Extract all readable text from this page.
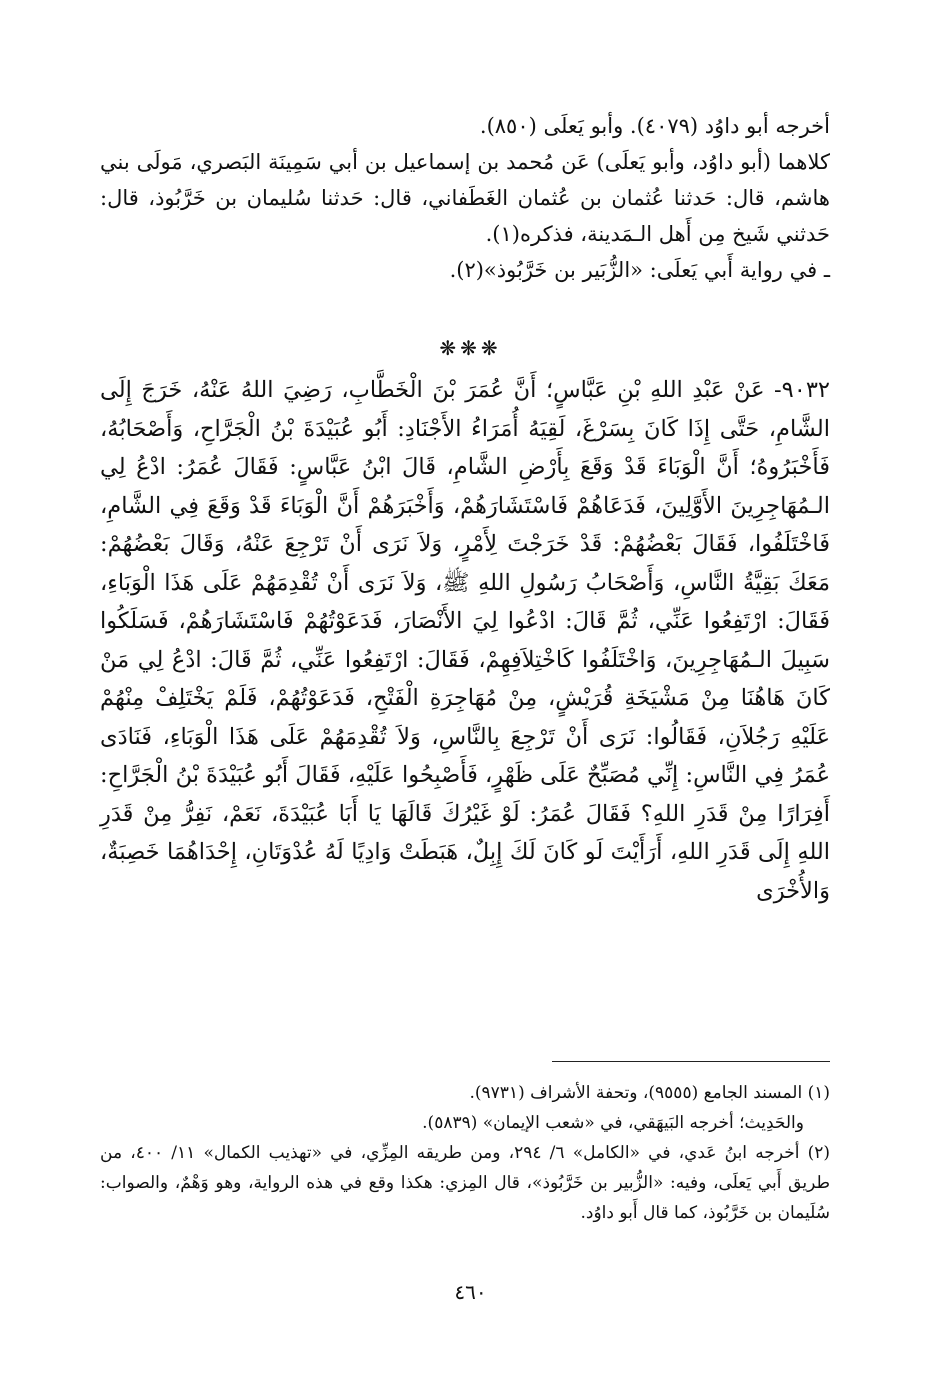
أخرجه أبو داوُد (٤٠٧٩). وأبو يَعلَى (٨٥٠).

كلاهما (أبو داوُد، وأبو يَعلَى) عَن مُحمد بن إسماعيل بن أبي سَمِينَة البَصري، مَولَى بني هاشم، قال: حَدثنا عُثمان بن عُثمان الغَطَفاني، قال: حَدثنا سُليمان بن خَرَّبُوذ، قال: حَدثني شَيخ مِن أَهل الـمَدينة، فذكره(١).

ـ في رواية أَبي يَعلَى: «الزُّبَير بن خَرَّبُوذ»(٢).

❋❋❋

٩٠٣٢- عَنْ عَبْدِ اللهِ بْنِ عَبَّاسٍ؛ أَنَّ عُمَرَ بْنَ الْخَطَّابِ، رَضِيَ اللهُ عَنْهُ، خَرَجَ إِلَى الشَّامِ، حَتَّى إِذَا كَانَ بِسَرْغَ، لَقِيَهُ أُمَرَاءُ الأَجْنَادِ: أَبُو عُبَيْدَةَ بْنُ الْجَرَّاحِ، وَأَصْحَابُهُ، فَأَخْبَرُوهُ؛ أَنَّ الْوَبَاءَ قَدْ وَقَعَ بِأَرْضِ الشَّامِ، قَالَ ابْنُ عَبَّاسٍ: فَقَالَ عُمَرُ: ادْعُ لِي الـمُهَاجِرِينَ الأَوَّلِينَ، فَدَعَاهُمْ فَاسْتَشَارَهُمْ، وَأَخْبَرَهُمْ أَنَّ الْوَبَاءَ قَدْ وَقَعَ فِي الشَّامِ، فَاخْتَلَفُوا، فَقَالَ بَعْضُهُمْ: قَدْ خَرَجْتَ لِأَمْرٍ، وَلاَ نَرَى أَنْ تَرْجِعَ عَنْهُ، وَقَالَ بَعْضُهُمْ: مَعَكَ بَقِيَّةُ النَّاسِ، وَأَصْحَابُ رَسُولِ اللهِ ﷺ، وَلاَ نَرَى أَنْ تُقْدِمَهُمْ عَلَى هَذَا الْوَبَاءِ، فَقَالَ: ارْتَفِعُوا عَنِّي، ثُمَّ قَالَ: ادْعُوا لِيَ الأَنْصَارَ، فَدَعَوْتُهُمْ فَاسْتَشَارَهُمْ، فَسَلَكُوا سَبِيلَ الـمُهَاجِرِينَ، وَاخْتَلَفُوا كَاخْتِلاَفِهِمْ، فَقَالَ: ارْتَفِعُوا عَنِّي، ثُمَّ قَالَ: ادْعُ لِي مَنْ كَانَ هَاهُنَا مِنْ مَشْيَخَةِ قُرَيْشٍ، مِنْ مُهَاجِرَةِ الْفَتْحِ، فَدَعَوْتُهُمْ، فَلَمْ يَخْتَلِفْ مِنْهُمْ عَلَيْهِ رَجُلاَنِ، فَقَالُوا: نَرَى أَنْ تَرْجِعَ بِالنَّاسِ، وَلاَ تُقْدِمَهُمْ عَلَى هَذَا الْوَبَاءِ، فَنَادَى عُمَرُ فِي النَّاسِ: إِنِّي مُصَبِّحٌ عَلَى ظَهْرٍ، فَأَصْبِحُوا عَلَيْهِ، فَقَالَ أَبُو عُبَيْدَةَ بْنُ الْجَرَّاحِ: أَفِرَارًا مِنْ قَدَرِ اللهِ؟ فَقَالَ عُمَرُ: لَوْ غَيْرُكَ قَالَهَا يَا أَبَا عُبَيْدَةَ، نَعَمْ، نَفِرُّ مِنْ قَدَرِ اللهِ إِلَى قَدَرِ اللهِ، أَرَأَيْتَ لَو كَانَ لَكَ إِبِلٌ، هَبَطَتْ وَادِيًا لَهُ عُدْوَتَانِ، إِحْدَاهُمَا خَصِبَةٌ، وَالأُخْرَى

(١) المسند الجامع (٩٥٥٥)، وتحفة الأشراف (٩٧٣١).

والحَدِيث؛ أخرجه البَيهَقي، في «شعب الإيمان» (٥٨٣٩).

(٢) أخرجه ابنُ عَدي، في «الكامل» ٦/ ٢٩٤، ومن طريقه المِزِّي، في «تهذيب الكمال» ١١/ ٤٠٠، من طريق أَبي يَعلَى، وفيه: «الزُّبير بن خَرَّبُوذ»، قال المِزي: هكذا وقع في هذه الرواية، وهو وَهْمٌ، والصواب: سُلَيمان بن خَرَّبُوذ، كما قال أَبو داوُد.

٤٦٠
